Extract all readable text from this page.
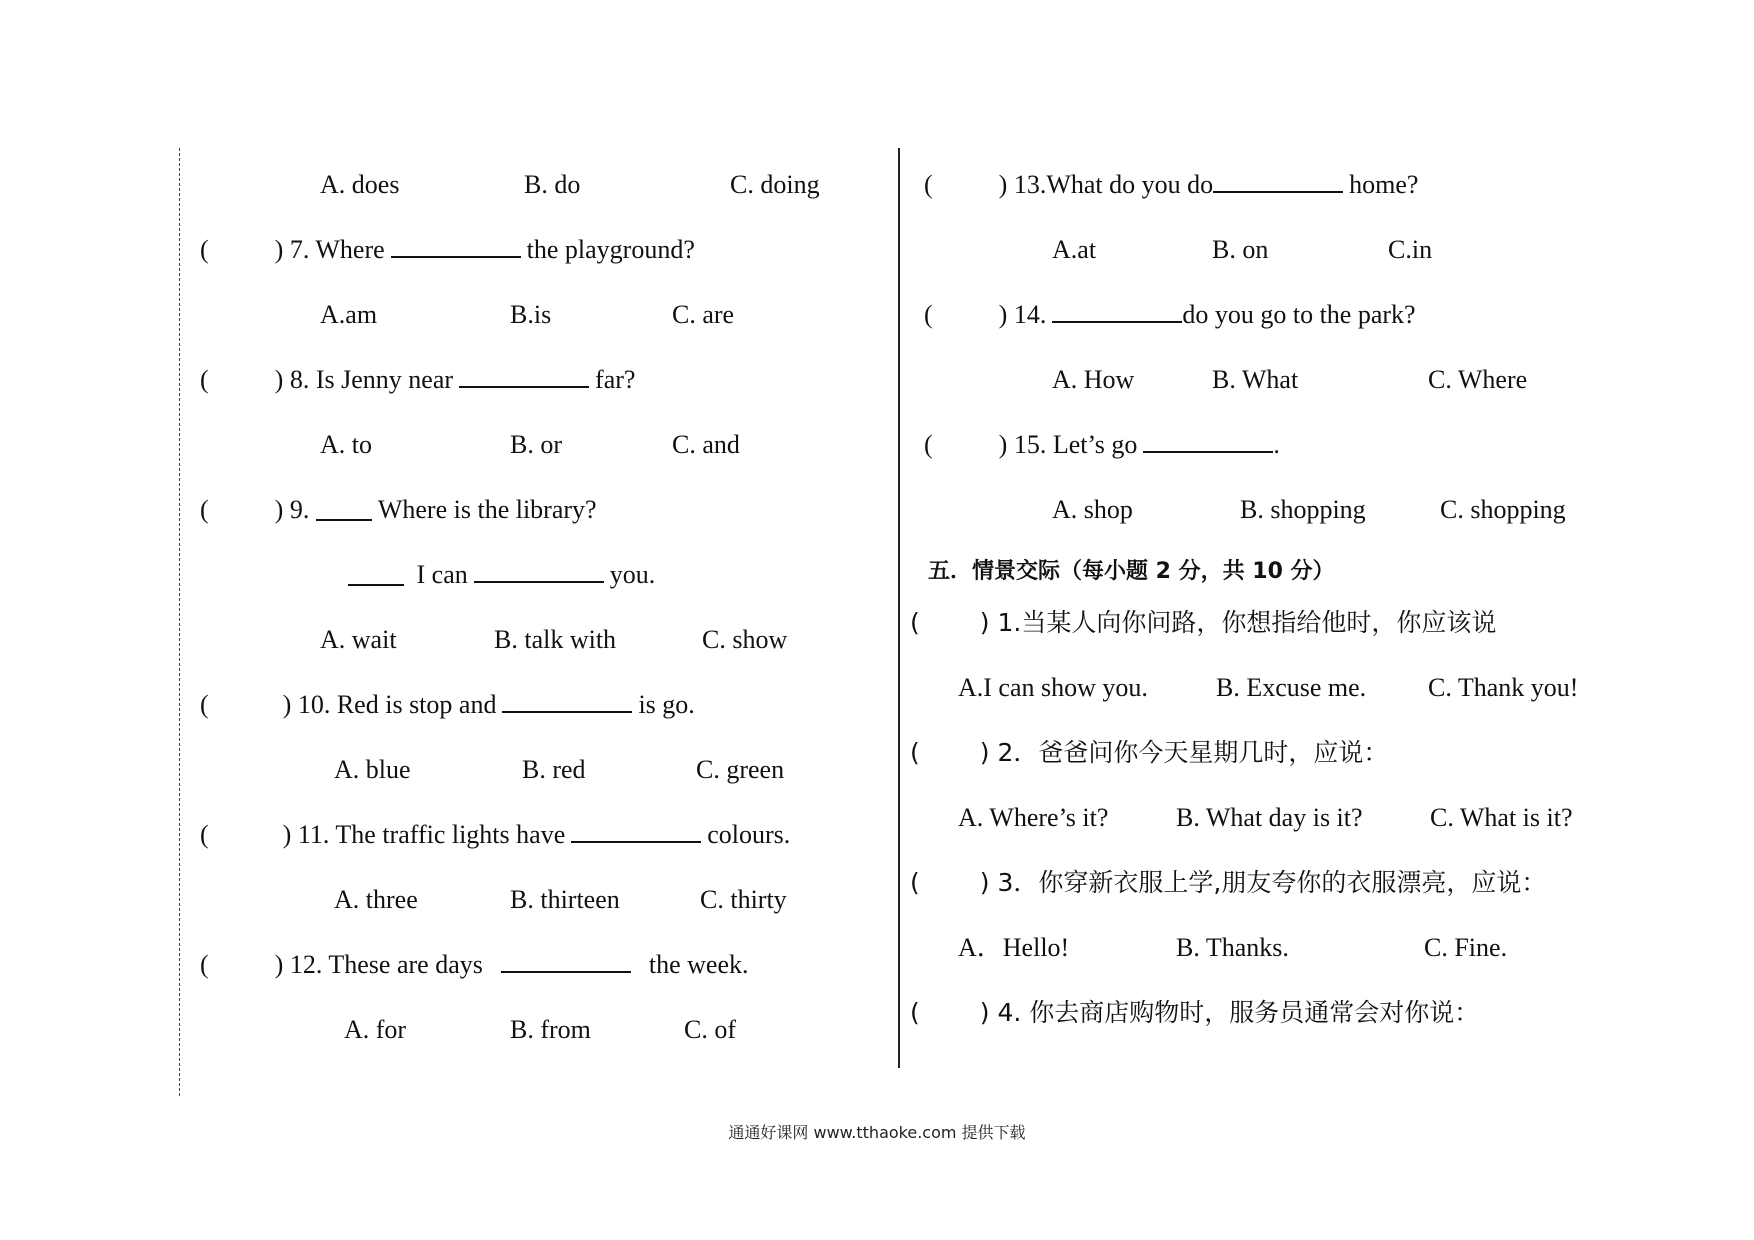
A. does	B. do	C. doing
(	) 7. Where	the playground?
A.am	B.is	C. are
(	) 8. Is Jenny near	far?
A. to	B. or	C. and
(	) 9.	Where is the library?
I can	you.
A. wait	B. talk with	C. show
(	) 10. Red is stop and	is go.
A. blue	B. red	C. green
(	) 11. The traffic lights have	colours.
A. three	B. thirteen	C. thirty
(	) 12. These are days	the week.
A. for	B. from	C. of
(	) 13.What do you do	home?
A.at	B. on	C.in
(	) 14.	do you go to the park?
A. How	B. What	C. Where
(	) 15. Let’s go	.
A. shop	B. shopping	C. shopping
五．情景交际（每小题 2 分，共 10 分）
( ) 1.当某人向你问路，你想指给他时，你应该说
A.I can show you.	B. Excuse me. C. Thank you!
( ) 2．爸爸问你今天星期几时，应说：
A. Where’s it?	B. What day is it?	C. What is it?
( ) 3．你穿新衣服上学,朋友夸你的衣服漂亮，应说：
A．Hello!	B. Thanks.	C. Fine.
( ) 4. 你去商店购物时，服务员通常会对你说：
通通好课网 www.tthaoke.com 提供下载
